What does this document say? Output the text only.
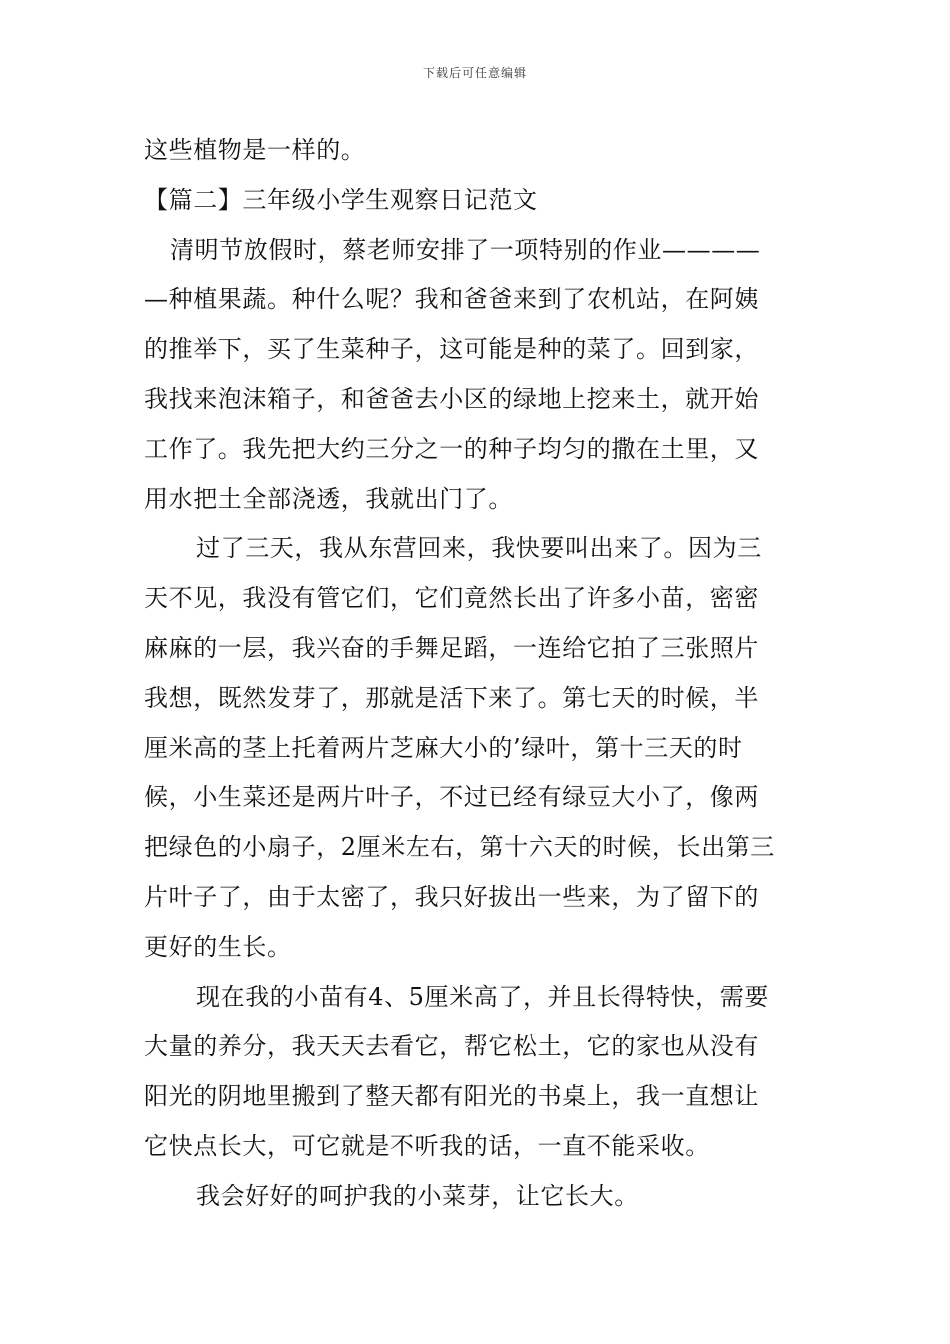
下载后可任意编辑
这些植物是一样的。
【篇二】三年级小学生观察日记范文
清明节放假时，蔡老师安排了一项特别的作业————
—种植果蔬。种什么呢？我和爸爸来到了农机站，在阿姨
的推举下，买了生菜种子，这可能是种的菜了。回到家，
我找来泡沫箱子，和爸爸去小区的绿地上挖来土，就开始
工作了。我先把大约三分之一的种子均匀的撒在土里，又
用水把土全部浇透，我就出门了。
过了三天，我从东营回来，我快要叫出来了。因为三
天不见，我没有管它们，它们竟然长出了许多小苗，密密
麻麻的一层，我兴奋的手舞足蹈，一连给它拍了三张照片
我想，既然发芽了，那就是活下来了。第七天的时候，半
厘米高的茎上托着两片芝麻大小的’绿叶，第十三天的时
候，小生菜还是两片叶子，不过已经有绿豆大小了，像两
把绿色的小扇子，2厘米左右，第十六天的时候，长出第三
片叶子了，由于太密了，我只好拔出一些来，为了留下的
更好的生长。
现在我的小苗有4、5厘米高了，并且长得特快，需要
大量的养分，我天天去看它，帮它松土，它的家也从没有
阳光的阴地里搬到了整天都有阳光的书桌上，我一直想让
它快点长大，可它就是不听我的话，一直不能采收。
我会好好的呵护我的小菜芽，让它长大。
